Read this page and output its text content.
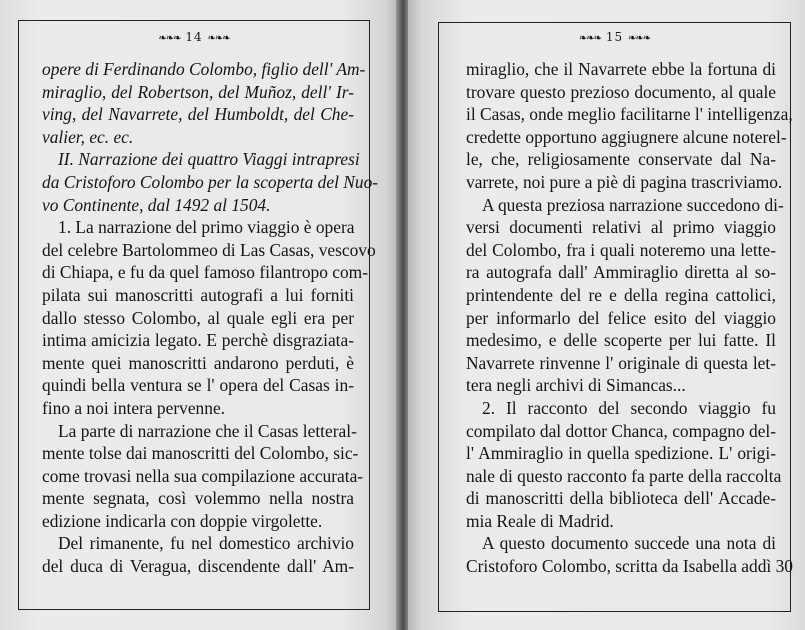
❧❧❧ 14 ❧❧❧
opere di Ferdinando Colombo, figlio dell' Am-
miraglio, del Robertson, del Muñoz, dell' Ir-
ving, del Navarrete, del Humboldt, del Che-
valier, ec. ec.
II. Narrazione dei quattro Viaggi intrapresi
da Cristoforo Colombo per la scoperta del Nuo-
vo Continente, dal 1492 al 1504.
1. La narrazione del primo viaggio è opera
del celebre Bartolommeo di Las Casas, vescovo
di Chiapa, e fu da quel famoso filantropo com-
pilata sui manoscritti autografi a lui forniti
dallo stesso Colombo, al quale egli era per
intima amicizia legato. E perchè disgraziata-
mente quei manoscritti andarono perduti, è
quindi bella ventura se l' opera del Casas in-
fino a noi intera pervenne.
La parte di narrazione che il Casas letteral-
mente tolse dai manoscritti del Colombo, sic-
come trovasi nella sua compilazione accurata-
mente segnata, così volemmo nella nostra
edizione indicarla con doppie virgolette.
Del rimanente, fu nel domestico archivio
del duca di Veragua, discendente dall' Am-
❧❧❧ 15 ❧❧❧
miraglio, che il Navarrete ebbe la fortuna di
trovare questo prezioso documento, al quale
il Casas, onde meglio facilitarne l' intelligenza,
credette opportuno aggiugnere alcune noterel-
le, che, religiosamente conservate dal Na-
varrete, noi pure a piè di pagina trascriviamo.
A questa preziosa narrazione succedono di-
versi documenti relativi al primo viaggio
del Colombo, fra i quali noteremo una lette-
ra autografa dall' Ammiraglio diretta al so-
printendente del re e della regina cattolici,
per informarlo del felice esito del viaggio
medesimo, e delle scoperte per lui fatte. Il
Navarrete rinvenne l' originale di questa let-
tera negli archivi di Simancas...
2. Il racconto del secondo viaggio fu
compilato dal dottor Chanca, compagno del-
l' Ammiraglio in quella spedizione. L' origi-
nale di questo racconto fa parte della raccolta
di manoscritti della biblioteca dell' Accade-
mia Reale di Madrid.
A questo documento succede una nota di
Cristoforo Colombo, scritta da Isabella addì 30
